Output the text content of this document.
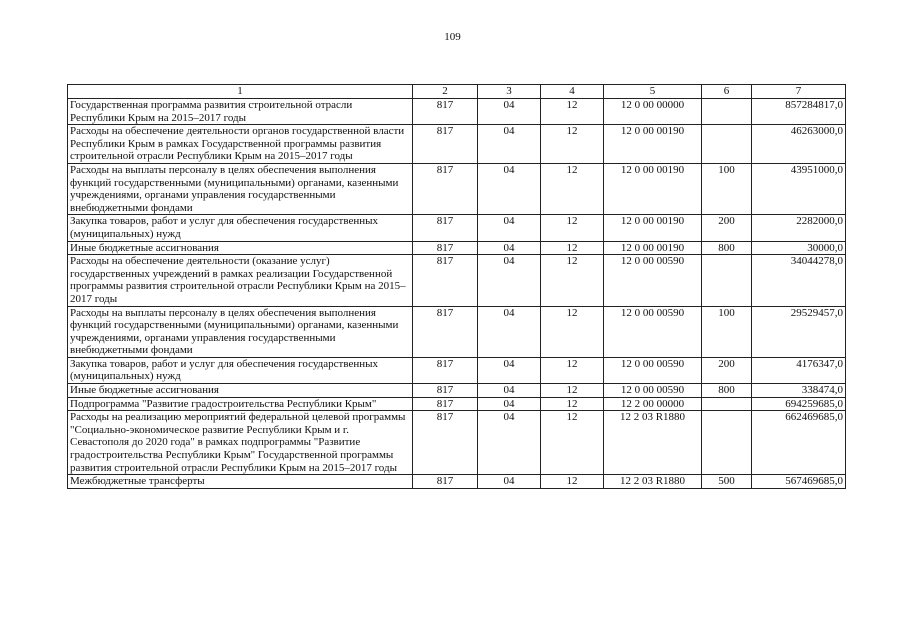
109
1	2	3	4	5	6	7
Государственная программа развития строительной отрасли Республики Крым на 2015–2017 годы	817	04	12	12 0 00 00000		857284817,0
Расходы на обеспечение деятельности органов государственной власти Республики Крым в рамках Государственной программы развития строительной отрасли Республики Крым на 2015–2017 годы	817	04	12	12 0 00 00190		46263000,0
Расходы на выплаты персоналу в целях обеспечения выполнения функций государственными (муниципальными) органами, казенными учреждениями, органами управления государственными внебюджетными фондами	817	04	12	12 0 00 00190	100	43951000,0
Закупка товаров, работ и услуг для обеспечения государственных (муниципальных) нужд	817	04	12	12 0 00 00190	200	2282000,0
Иные бюджетные ассигнования	817	04	12	12 0 00 00190	800	30000,0
Расходы на обеспечение деятельности (оказание услуг) государственных учреждений в рамках реализации Государственной программы развития строительной отрасли Республики Крым на 2015–2017 годы	817	04	12	12 0 00 00590		34044278,0
Расходы на выплаты персоналу в целях обеспечения выполнения функций государственными (муниципальными) органами, казенными учреждениями, органами управления государственными внебюджетными фондами	817	04	12	12 0 00 00590	100	29529457,0
Закупка товаров, работ и услуг для обеспечения государственных (муниципальных) нужд	817	04	12	12 0 00 00590	200	4176347,0
Иные бюджетные ассигнования	817	04	12	12 0 00 00590	800	338474,0
Подпрограмма "Развитие градостроительства Республики Крым"	817	04	12	12 2 00 00000		694259685,0
Расходы на реализацию мероприятий федеральной целевой программы "Социально-экономическое развитие Республики Крым и г. Севастополя до 2020 года" в рамках подпрограммы "Развитие градостроительства Республики Крым" Государственной программы развития строительной отрасли Республики Крым на 2015–2017 годы	817	04	12	12 2 03 R1880		662469685,0
Межбюджетные трансферты	817	04	12	12 2 03 R1880	500	567469685,0
